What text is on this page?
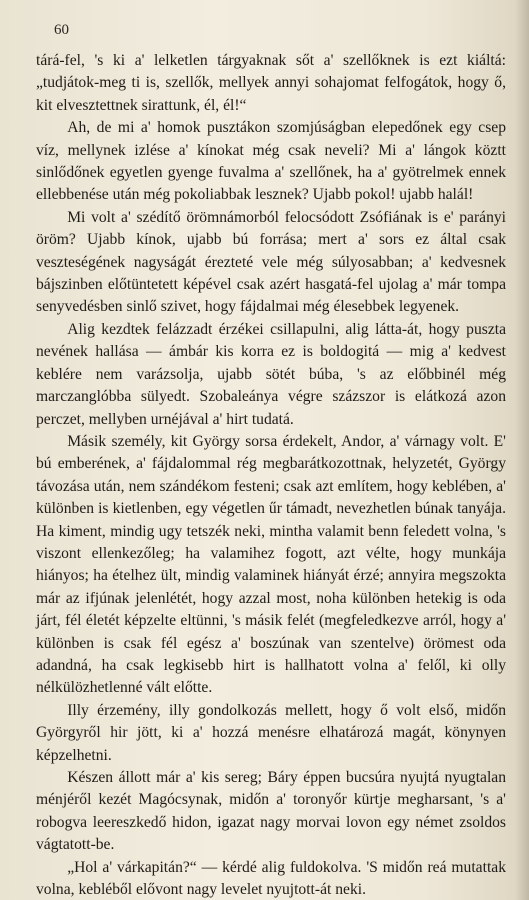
60

tárá-fel, 's ki a' lelketlen tárgyaknak sőt a' szellőknek is ezt kiáltá: „tudjátok-meg ti is, szellők, mellyek annyi sohajomat felfogátok, hogy ő, kit elvesztettnek sirattunk, él, él!“

Ah, de mi a' homok pusztákon szomjúságban elepedőnek egy csep víz, mellynek izlése a' kínokat még csak neveli? Mi a' lángok köztt sinlődőnek egyetlen gyenge fuvalma a' szellőnek, ha a' gyötrelmek ennek ellebbenése után még pokoliabbak lesznek? Ujabb pokol! ujabb halál!

Mi volt a' szédítő örömnámorból felocsódott Zsófiának is e' parányi öröm? Ujabb kínok, ujabb bú forrása; mert a' sors ez által csak veszteségének nagyságát érezteté vele még súlyosabban; a' kedvesnek bájszinben előtüntetett képével csak azért hasgatá-fel ujolag a' már tompa senyvedésben sinlő szivet, hogy fájdalmai még élesebbek legyenek.

Alig kezdtek felázzadt érzékei csillapulni, alig látta-át, hogy puszta nevének hallása — ámbár kis korra ez is boldogitá — mig a' kedvest keblére nem varázsolja, ujabb sötét búba, 's az előbbinél még marczanglóbba sülyedt. Szobaleánya végre százszor is elátkozá azon perczet, mellyben urnéjával a' hirt tudatá.

Másik személy, kit György sorsa érdekelt, Andor, a' várnagy volt. E' bú emberének, a' fájdalommal rég megbarátkozottnak, helyzetét, György távozása után, nem szándékom festeni; csak azt említem, hogy keblében, a' különben is kietlenben, egy végetlen űr támadt, nevezhetlen búnak tanyája. Ha kiment, mindig ugy tetszék neki, mintha valamit benn feledett volna, 's viszont ellenkezőleg; ha valamihez fogott, azt vélte, hogy munkája hiányos; ha ételhez ült, mindig valaminek hiányát érzé; annyira megszokta már az ifjúnak jelenlétét, hogy azzal most, noha különben hetekig is oda járt, fél életét képzelte eltünni, 's másik felét (megfeledkezve arról, hogy a' különben is csak fél egész a' boszúnak van szentelve) örömest oda adandná, ha csak legkisebb hirt is hallhatott volna a' felől, ki olly nélkülözhetlenné vált előtte.

Illy érzemény, illy gondolkozás mellett, hogy ő volt első, midőn Györgyről hir jött, ki a' hozzá menésre elhatározá magát, könynyen képzelhetni.

Készen állott már a' kis sereg; Báry éppen bucsúra nyujtá nyugtalan ménjéről kezét Magócsynak, midőn a' toronyőr kürtje megharsant, 's a' robogva leereszkedő hidon, igazat nagy morvai lovon egy német zsoldos vágtatott-be.

„Hol a' várkapitán?“ — kérdé alig fuldokolva. 'S midőn reá mutattak volna, kebléből elővont nagy levelet nyujtott-át neki.
